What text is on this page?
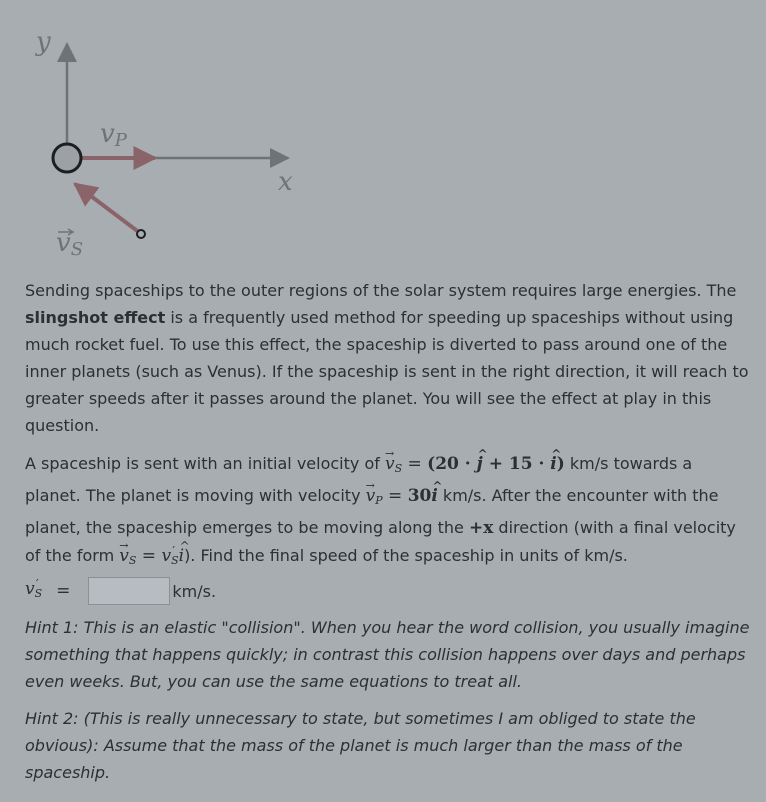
y
x
vP
vS
Sending spaceships to the outer regions of the solar system requires large energies. The slingshot effect is a frequently used method for speeding up spaceships without using much rocket fuel. To use this effect, the spaceship is diverted to pass around one of the inner planets (such as Venus). If the spaceship is sent in the right direction, it will reach to greater speeds after it passes around the planet. You will see the effect at play in this question.
A spaceship is sent with an initial velocity of → $v_S = (20$ · ^ j + 15 · ^ i) km/s towards a planet. The planet is moving with velocity → $v_P$ = 30^ i km/s. After the encounter with the planet, the spaceship emerges to be moving along the +x direction (with a final velocity of the form → $v_S = v$ $'_S\^{}$ i). Find the final speed of the spaceship in units of km/s.
v $'_S$ =	km/s.
Hint 1: This is an elastic "collision". When you hear the word collision, you usually imagine something that happens quickly; in contrast this collision happens over days and perhaps even weeks. But, you can use the same equations to treat all.
Hint 2: (This is really unnecessary to state, but sometimes I am obliged to state the obvious): Assume that the mass of the planet is much larger than the mass of the spaceship.
